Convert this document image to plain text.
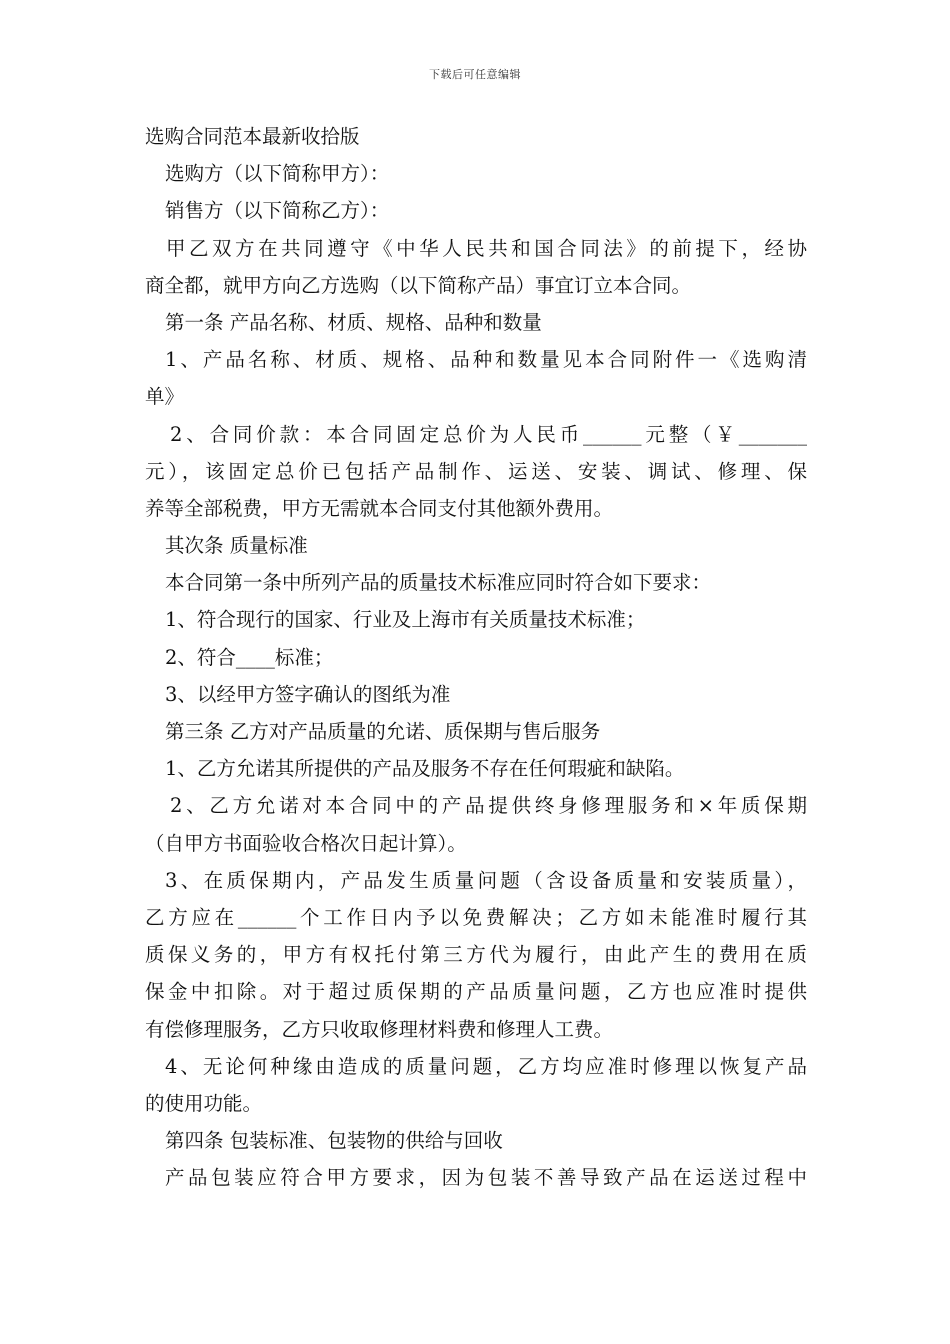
下载后可任意编辑
选购合同范本最新收拾版
选购方（以下简称甲方）：
销售方（以下简称乙方）：
甲乙双方在共同遵守《中华人民共和国合同法》的前提下，经协
商全都，就甲方向乙方选购（以下简称产品）事宜订立本合同。
第一条 产品名称、材质、规格、品种和数量
1、产品名称、材质、规格、品种和数量见本合同附件一《选购清
单》
2、合同价款：本合同固定总价为人民币______元整（￥_______
元），该固定总价已包括产品制作、运送、安装、调试、修理、保
养等全部税费，甲方无需就本合同支付其他额外费用。
其次条 质量标准
本合同第一条中所列产品的质量技术标准应同时符合如下要求：
1、符合现行的国家、行业及上海市有关质量技术标准；
2、符合____标准；
3、以经甲方签字确认的图纸为准
第三条 乙方对产品质量的允诺、质保期与售后服务
1、乙方允诺其所提供的产品及服务不存在任何瑕疵和缺陷。
2、乙方允诺对本合同中的产品提供终身修理服务和×年质保期
（自甲方书面验收合格次日起计算）。
3、在质保期内，产品发生质量问题（含设备质量和安装质量），
乙方应在______个工作日内予以免费解决；乙方如未能准时履行其
质保义务的，甲方有权托付第三方代为履行，由此产生的费用在质
保金中扣除。对于超过质保期的产品质量问题，乙方也应准时提供
有偿修理服务，乙方只收取修理材料费和修理人工费。
4、无论何种缘由造成的质量问题，乙方均应准时修理以恢复产品
的使用功能。
第四条 包装标准、包装物的供给与回收
产品包装应符合甲方要求，因为包装不善导致产品在运送过程中
